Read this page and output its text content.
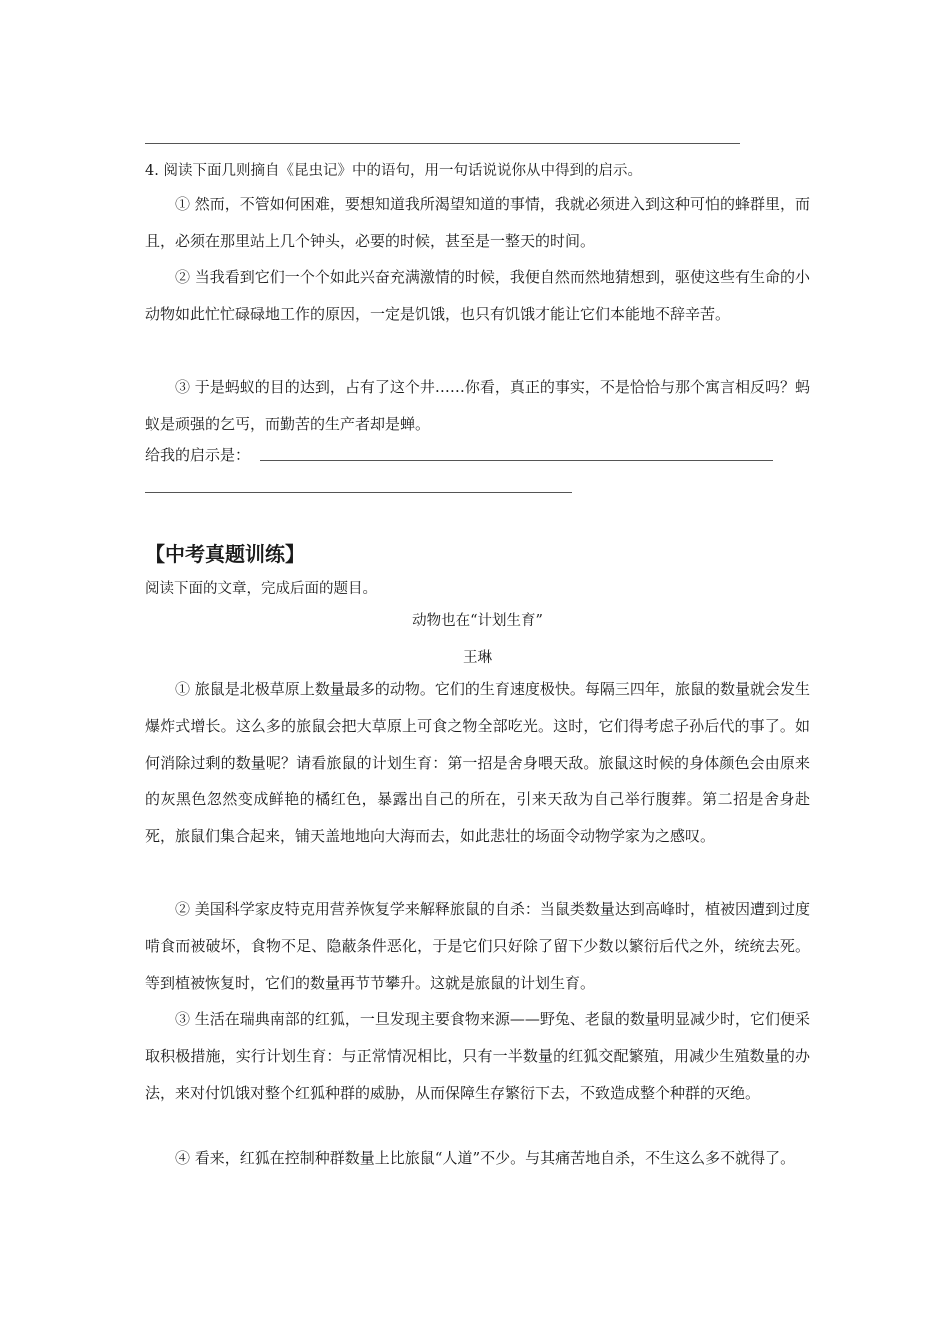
4. 阅读下面几则摘自《昆虫记》中的语句，用一句话说说你从中得到的启示。
① 然而，不管如何困难，要想知道我所渴望知道的事情，我就必须进入到这种可怕的蜂群里，而且，必须在那里站上几个钟头，必要的时候，甚至是一整天的时间。
② 当我看到它们一个个如此兴奋充满激情的时候，我便自然而然地猜想到，驱使这些有生命的小动物如此忙忙碌碌地工作的原因，一定是饥饿，也只有饥饿才能让它们本能地不辞辛苦。
③ 于是蚂蚁的目的达到，占有了这个井……你看，真正的事实，不是恰恰与那个寓言相反吗？蚂蚁是顽强的乞丐，而勤苦的生产者却是蝉。
给我的启示是：
【中考真题训练】
阅读下面的文章，完成后面的题目。
动物也在“计划生育”
王琳
① 旅鼠是北极草原上数量最多的动物。它们的生育速度极快。每隔三四年，旅鼠的数量就会发生爆炸式增长。这么多的旅鼠会把大草原上可食之物全部吃光。这时，它们得考虑子孙后代的事了。如何消除过剩的数量呢？请看旅鼠的计划生育：第一招是舍身喂天敌。旅鼠这时候的身体颜色会由原来的灰黑色忽然变成鲜艳的橘红色，暴露出自己的所在，引来天敌为自己举行腹葬。第二招是舍身赴死，旅鼠们集合起来，铺天盖地地向大海而去，如此悲壮的场面令动物学家为之感叹。
② 美国科学家皮特克用营养恢复学来解释旅鼠的自杀：当鼠类数量达到高峰时，植被因遭到过度啃食而被破坏，食物不足、隐蔽条件恶化，于是它们只好除了留下少数以繁衍后代之外，统统去死。等到植被恢复时，它们的数量再节节攀升。这就是旅鼠的计划生育。
③ 生活在瑞典南部的红狐，一旦发现主要食物来源——野兔、老鼠的数量明显减少时，它们便采取积极措施，实行计划生育：与正常情况相比，只有一半数量的红狐交配繁殖，用减少生殖数量的办法，来对付饥饿对整个红狐种群的威胁，从而保障生存繁衍下去，不致造成整个种群的灭绝。
④ 看来，红狐在控制种群数量上比旅鼠“人道”不少。与其痛苦地自杀，不生这么多不就得了。
